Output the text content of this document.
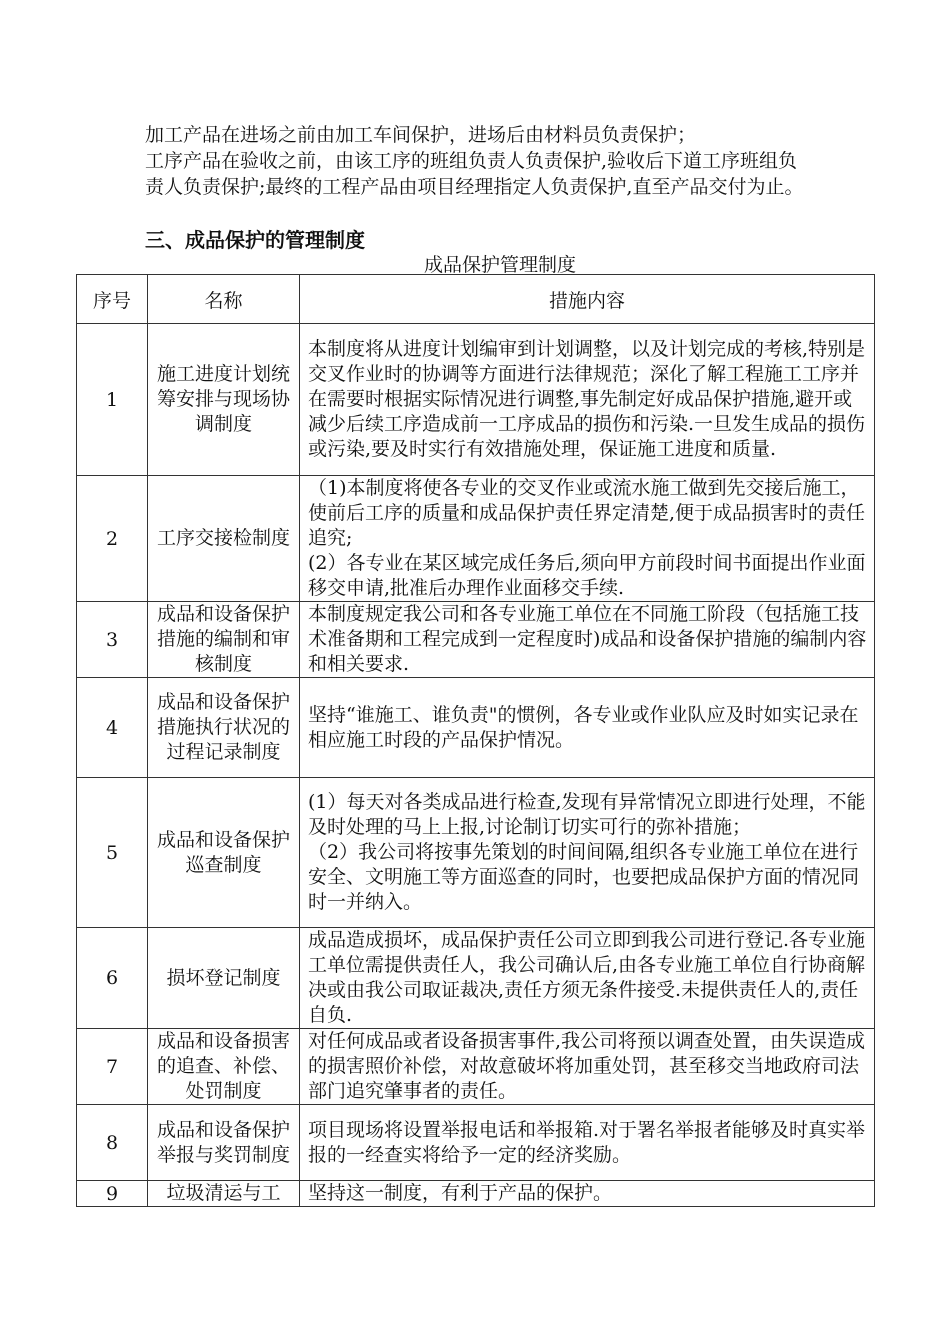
加工产品在进场之前由加工车间保护，进场后由材料员负责保护；

工序产品在验收之前，由该工序的班组负责人负责保护,验收后下道工序班组负责人负责保护;最终的工程产品由项目经理指定人负责保护,直至产品交付为止。

三、成品保护的管理制度
成品保护管理制度
序号	名称	措施内容
1	施工进度计划统筹安排与现场协调制度	本制度将从进度计划编审到计划调整，以及计划完成的考核,特别是交叉作业时的协调等方面进行法律规范；深化了解工程施工工序并在需要时根据实际情况进行调整,事先制定好成品保护措施,避开或减少后续工序造成前一工序成品的损伤和污染.一旦发生成品的损伤或污染,要及时实行有效措施处理，保证施工进度和质量.

2	工序交接检制度	（1)本制度将使各专业的交叉作业或流水施工做到先交接后施工，使前后工序的质量和成品保护责任界定清楚,便于成品损害时的责任追究;

(2）各专业在某区域完成任务后,须向甲方前段时间书面提出作业面移交申请,批准后办理作业面移交手续.

3	成品和设备保护措施的编制和审核制度	本制度规定我公司和各专业施工单位在不同施工阶段（包括施工技术准备期和工程完成到一定程度时)成品和设备保护措施的编制内容和相关要求.

4	成品和设备保护措施执行状况的过程记录制度	坚持“谁施工、谁负责"的惯例，各专业或作业队应及时如实记录在相应施工时段的产品保护情况。

5	成品和设备保护巡查制度	(1）每天对各类成品进行检查,发现有异常情况立即进行处理，不能及时处理的马上上报,讨论制订切实可行的弥补措施；

（2）我公司将按事先策划的时间间隔,组织各专业施工单位在进行安全、文明施工等方面巡查的同时，也要把成品保护方面的情况同时一并纳入。

6	损坏登记制度	成品造成损坏，成品保护责任公司立即到我公司进行登记.各专业施工单位需提供责任人，我公司确认后,由各专业施工单位自行协商解决或由我公司取证裁决,责任方须无条件接受.未提供责任人的,责任自负.

7	成品和设备损害的追查、补偿、处罚制度	对任何成品或者设备损害事件,我公司将预以调查处置，由失误造成的损害照价补偿，对故意破坏将加重处罚，甚至移交当地政府司法部门追究肇事者的责任。

8	成品和设备保护举报与奖罚制度	项目现场将设置举报电话和举报箱.对于署名举报者能够及时真实举报的一经查实将给予一定的经济奖励。

9	垃圾清运与工	坚持这一制度，有利于产品的保护。
